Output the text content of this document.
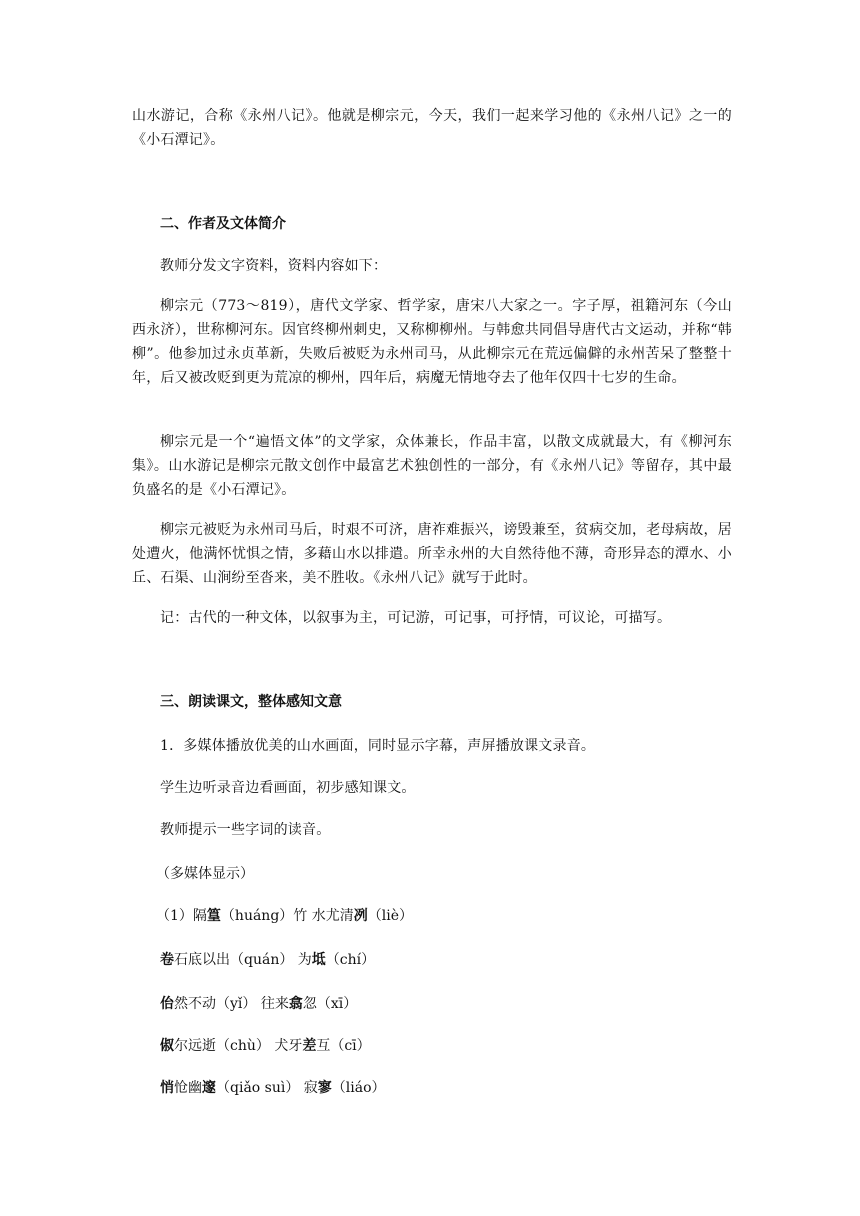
山水游记，合称《永州八记》。他就是柳宗元，今天，我们一起来学习他的《永州八记》之一的《小石潭记》。

二、作者及文体简介

教师分发文字资料，资料内容如下：

柳宗元（773～819），唐代文学家、哲学家，唐宋八大家之一。字子厚，祖籍河东（今山西永济），世称柳河东。因官终柳州刺史，又称柳柳州。与韩愈共同倡导唐代古文运动，并称“韩柳”。他参加过永贞革新，失败后被贬为永州司马，从此柳宗元在荒远偏僻的永州苦呆了整整十年，后又被改贬到更为荒凉的柳州，四年后，病魔无情地夺去了他年仅四十七岁的生命。

柳宗元是一个“遍悟文体”的文学家，众体兼长，作品丰富，以散文成就最大，有《柳河东集》。山水游记是柳宗元散文创作中最富艺术独创性的一部分，有《永州八记》等留存，其中最负盛名的是《小石潭记》。

柳宗元被贬为永州司马后，时艰不可济，唐祚难振兴，谤毁兼至，贫病交加，老母病故，居处遭火，他满怀忧惧之情，多藉山水以排遣。所幸永州的大自然待他不薄，奇形异态的潭水、小丘、石渠、山涧纷至沓来，美不胜收。《永州八记》就写于此时。

记：古代的一种文体，以叙事为主，可记游，可记事，可抒情，可议论，可描写。

三、朗读课文，整体感知文意

1．多媒体播放优美的山水画面，同时显示字幕，声屏播放课文录音。

学生边听录音边看画面，初步感知课文。

教师提示一些字词的读音。

（多媒体显示）

（1）隔篁（huáng）竹 水尤清冽（liè）

卷石底以出（quán） 为坻（chí）

佁然不动（yǐ） 往来翕忽（xī）

俶尔远逝（chù） 犬牙差互（cī）

悄怆幽邃（qiǎo suì） 寂寥（liáo）
